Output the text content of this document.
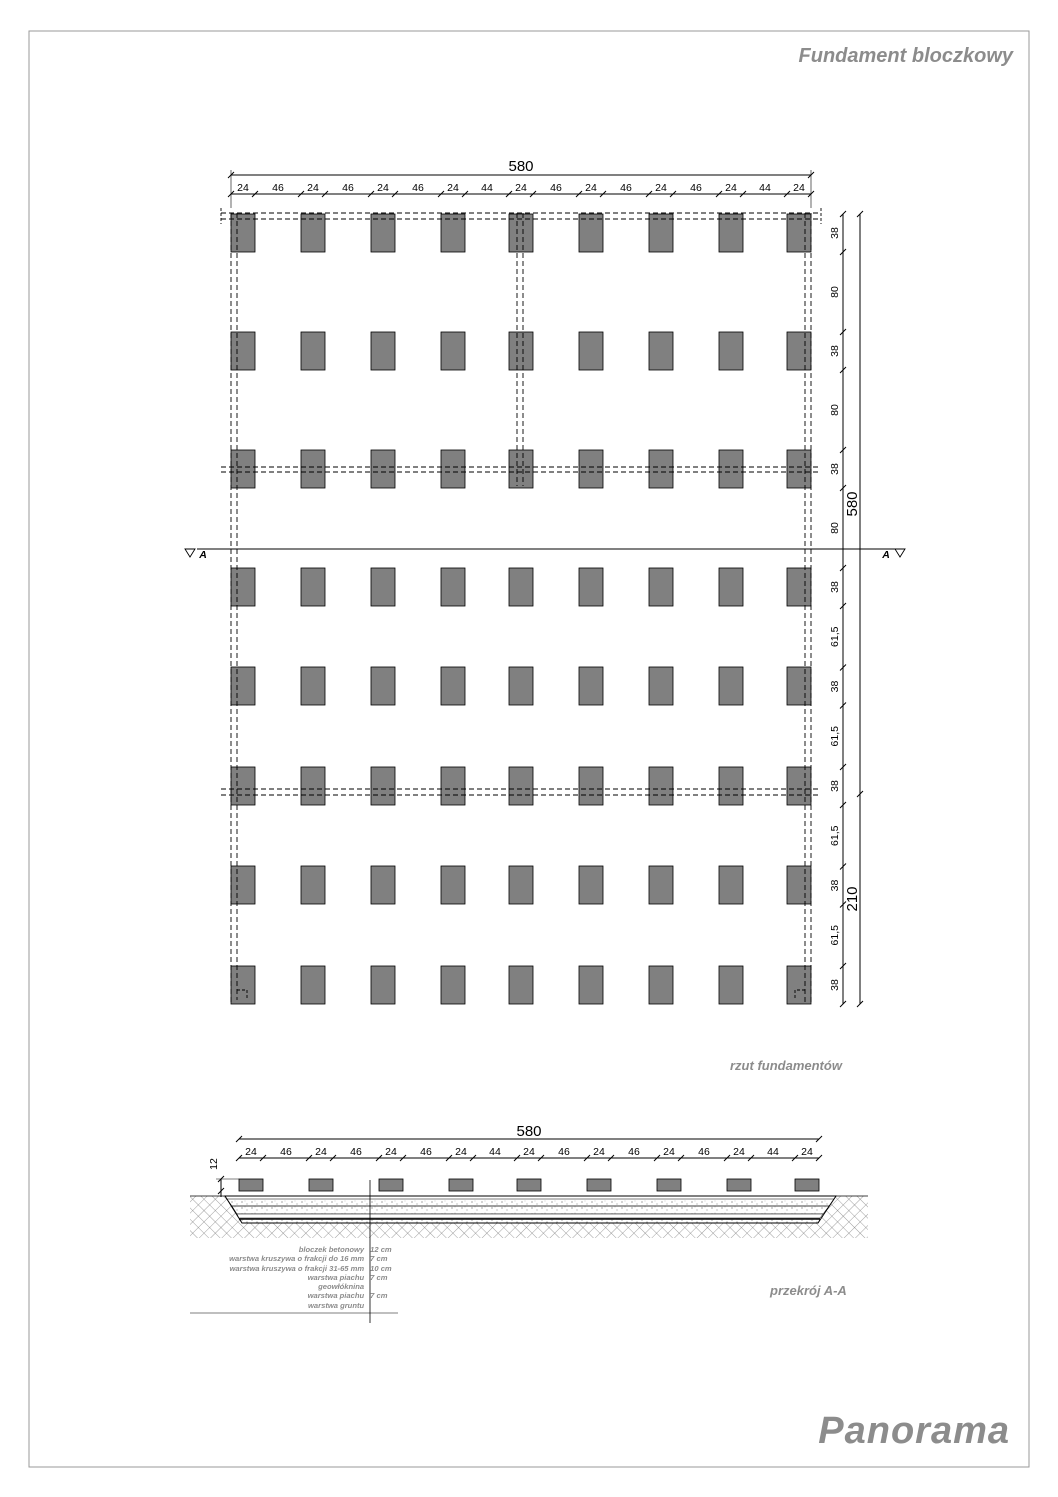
580
24 46 24 46 24 46 24 44 24 46 24 46 24 46 24 44 24
38
80
38
80
38
80
38
61,5
38
61,5
38
61,5
38
61,5
38
580
210
A	A
580
24 46 24 46 24 46 24 44 24 46 24 46 24 46 24 44 24
12
Fundament bloczkowy
rzut fundamentów
przekrój A-A
Panorama
bloczek betonowy 12 cm
warstwa kruszywa o frakcji do 16 mm 7 cm
warstwa kruszywa o frakcji 31-65 mm 10 cm
warstwa piachu 7 cm
geowłóknina
warstwa piachu 7 cm
warstwa gruntu
